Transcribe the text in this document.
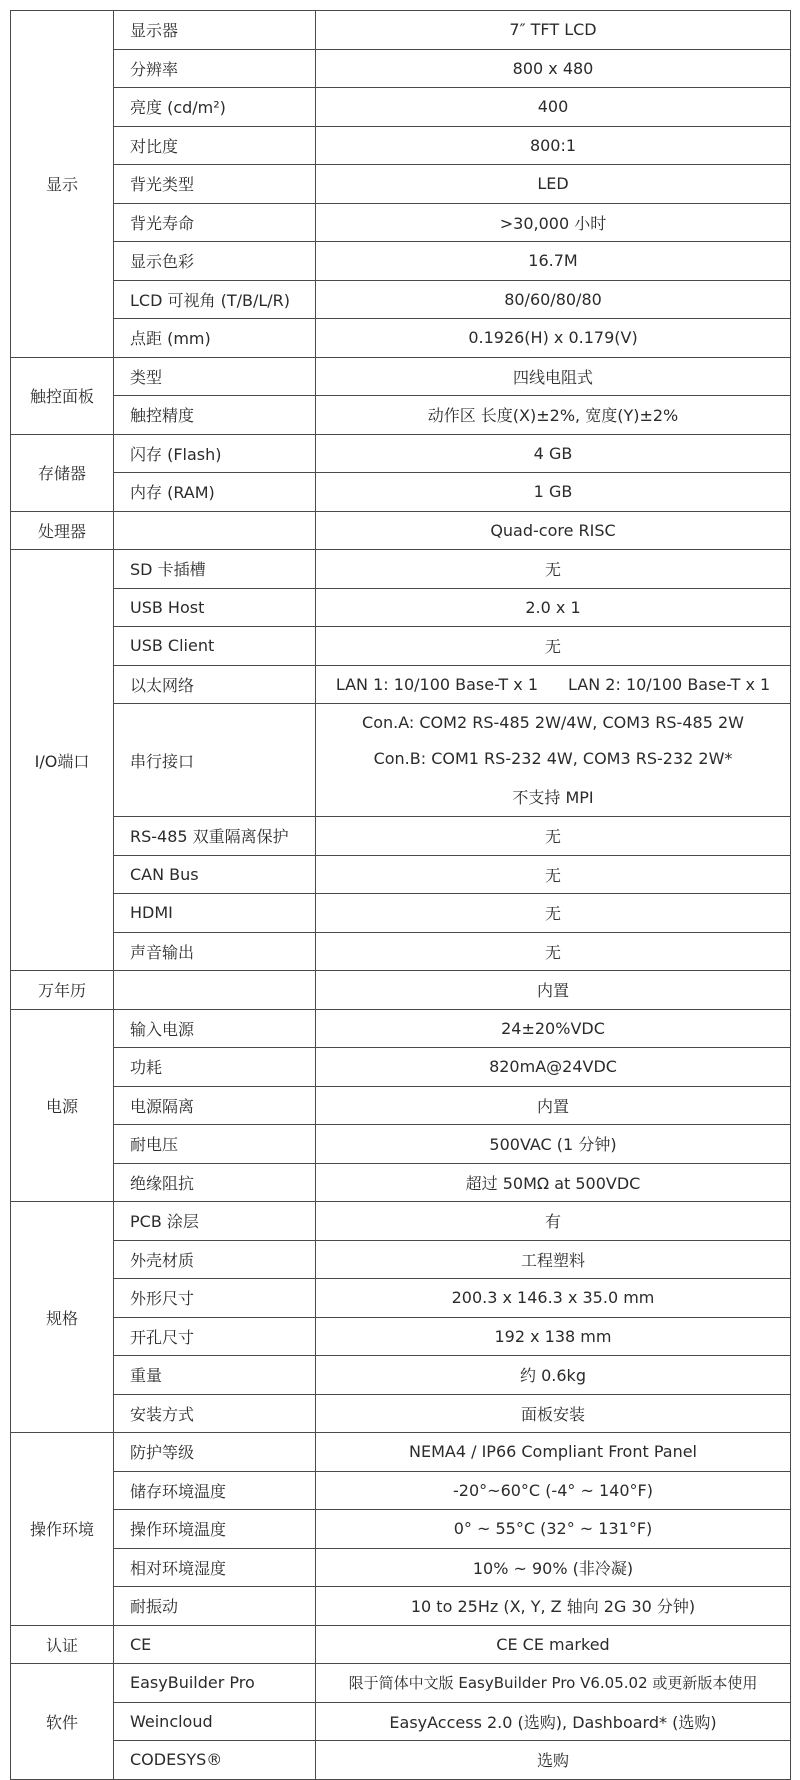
显示	显示器	7″ TFT LCD
	分辨率	800 x 480
	亮度 (cd/m²)	400
	对比度	800:1
	背光类型	LED
	背光寿命	>30,000 小时
	显示色彩	16.7M
	LCD 可视角 (T/B/L/R)	80/60/80/80
	点距 (mm)	0.1926(H) x 0.179(V)
触控面板	类型	四线电阻式
	触控精度	动作区 长度(X)±2%, 宽度(Y)±2%
存储器	闪存 (Flash)	4 GB
	内存 (RAM)	1 GB
处理器		Quad-core RISC
I/O端口	SD 卡插槽	无
	USB Host	2.0 x 1
	USB Client	无
	以太网络	LAN 1: 10/100 Base-T x 1 LAN 2: 10/100 Base-T x 1
	串行接口	Con.A: COM2 RS-485 2W/4W, COM3 RS-485 2W
Con.B: COM1 RS-232 4W, COM3 RS-232 2W*
不支持 MPI

	RS-485 双重隔离保护	无
	CAN Bus	无
	HDMI	无
	声音输出	无
万年历		内置
电源	输入电源	24±20%VDC
	功耗	820mA@24VDC
	电源隔离	内置
	耐电压	500VAC (1 分钟)
	绝缘阻抗	超过 50MΩ at 500VDC
规格	PCB 涂层	有
	外壳材质	工程塑料
	外形尺寸	200.3 x 146.3 x 35.0 mm
	开孔尺寸	192 x 138 mm
	重量	约 0.6kg
	安装方式	面板安装
操作环境	防护等级	NEMA4 / IP66 Compliant Front Panel
	储存环境温度	-20°~60°C (-4° ~ 140°F)
	操作环境温度	0° ~ 55°C (32° ~ 131°F)
	相对环境湿度	10% ~ 90% (非冷凝)
	耐振动	10 to 25Hz (X, Y, Z 轴向 2G 30 分钟)
认证	CE	CE CE marked
软件	EasyBuilder Pro	限于简体中文版 EasyBuilder Pro V6.05.02 或更新版本使用
	Weincloud	EasyAccess 2.0 (选购), Dashboard* (选购)
	CODESYS®	选购
